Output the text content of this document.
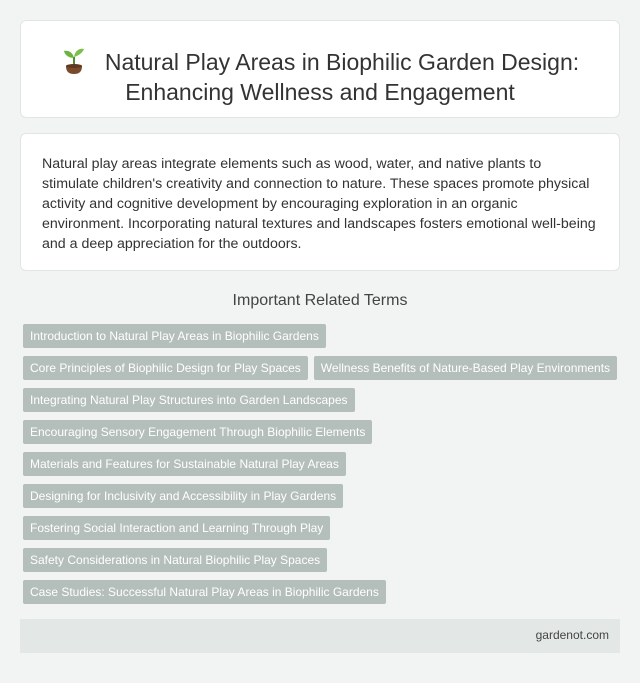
Natural Play Areas in Biophilic Garden Design:
Enhancing Wellness and Engagement

Natural play areas integrate elements such as wood, water, and native plants to stimulate children's creativity and connection to nature. These spaces promote physical activity and cognitive development by encouraging exploration in an organic environment. Incorporating natural textures and landscapes fosters emotional well-being and a deep appreciation for the outdoors.

Important Related Terms
Introduction to Natural Play Areas in Biophilic Gardens
Core Principles of Biophilic Design for Play Spaces Wellness Benefits of Nature-Based Play Environments
Integrating Natural Play Structures into Garden Landscapes
Encouraging Sensory Engagement Through Biophilic Elements
Materials and Features for Sustainable Natural Play Areas
Designing for Inclusivity and Accessibility in Play Gardens
Fostering Social Interaction and Learning Through Play
Safety Considerations in Natural Biophilic Play Spaces
Case Studies: Successful Natural Play Areas in Biophilic Gardens
gardenot.com
